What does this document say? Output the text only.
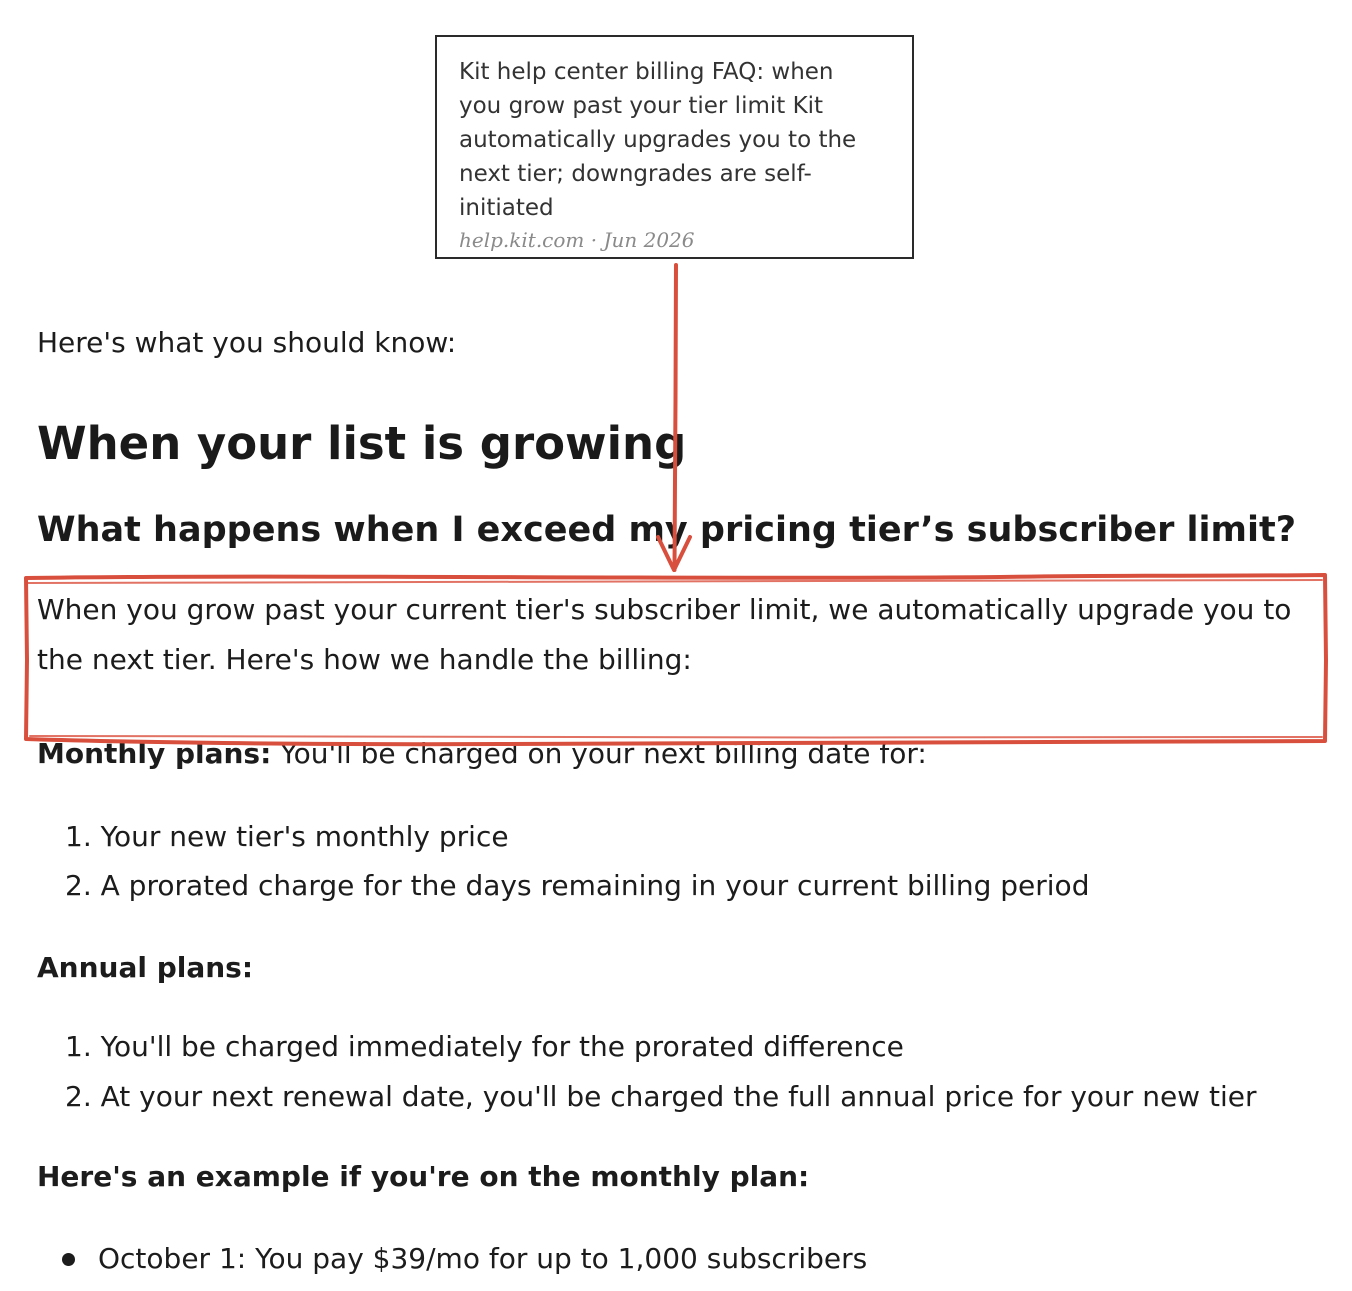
Kit help center billing FAQ: when you grow past your tier limit Kit automatically upgrades you to the next tier; downgrades are self-initiated
help.kit.com · Jun 2026
Here's what you should know:
When your list is growing
What happens when I exceed my pricing tier’s subscriber limit?
When you grow past your current tier's subscriber limit, we automatically upgrade you to the next tier. Here's how we handle the billing:
Monthly plans: You'll be charged on your next billing date for:
1. Your new tier's monthly price
2. A prorated charge for the days remaining in your current billing period
Annual plans:
1. You'll be charged immediately for the prorated difference
2. At your next renewal date, you'll be charged the full annual price for your new tier
Here's an example if you're on the monthly plan:
October 1: You pay $39/mo for up to 1,000 subscribers
